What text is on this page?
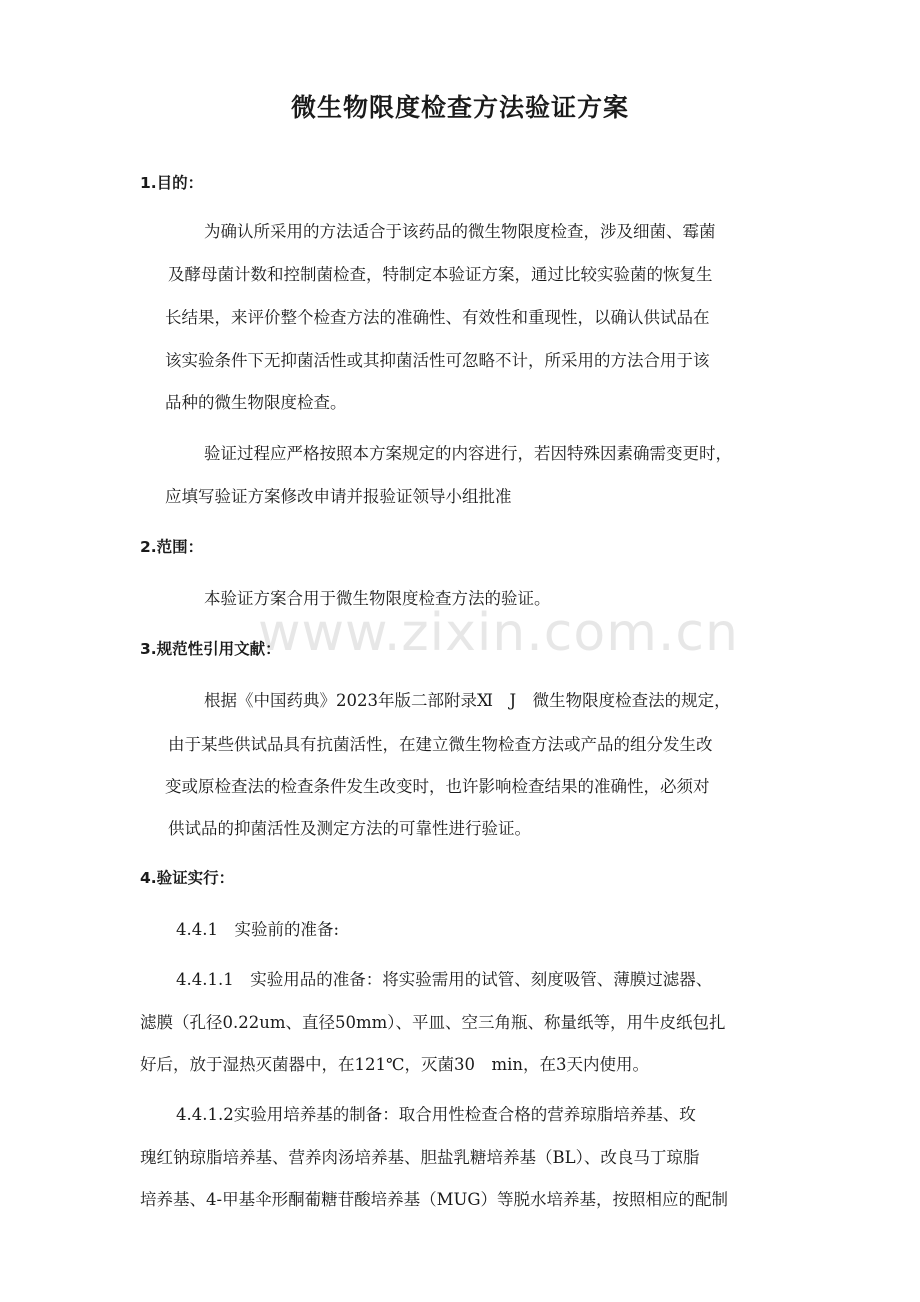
www.zixin.com.cn
微生物限度检查方法验证方案
1.目的：
为确认所采用的方法适合于该药品的微生物限度检查，涉及细菌、霉菌
及酵母菌计数和控制菌检查，特制定本验证方案，通过比较实验菌的恢复生
长结果，来评价整个检查方法的准确性、有效性和重现性，以确认供试品在
该实验条件下无抑菌活性或其抑菌活性可忽略不计，所采用的方法合用于该
品种的微生物限度检查。
验证过程应严格按照本方案规定的内容进行，若因特殊因素确需变更时，
应填写验证方案修改申请并报验证领导小组批准
2.范围：
本验证方案合用于微生物限度检查方法的验证。
3.规范性引用文献：
根据《中国药典》2023年版二部附录Ⅺ　J　微生物限度检查法的规定，
由于某些供试品具有抗菌活性，在建立微生物检查方法或产品的组分发生改
变或原检查法的检查条件发生改变时，也许影响检查结果的准确性，必须对
供试品的抑菌活性及测定方法的可靠性进行验证。
4.验证实行：
4.4.1　实验前的准备:
4.4.1.1　实验用品的准备：将实验需用的试管、刻度吸管、薄膜过滤器、
滤膜（孔径0.22um、直径50mm）、平皿、空三角瓶、称量纸等，用牛皮纸包扎
好后，放于湿热灭菌器中，在121℃，灭菌30　min，在3天内使用。
4.4.1.2实验用培养基的制备：取合用性检查合格的营养琼脂培养基、玫
瑰红钠琼脂培养基、营养肉汤培养基、胆盐乳糖培养基（BL）、改良马丁琼脂
培养基、4-甲基伞形酮葡糖苷酸培养基（MUG）等脱水培养基，按照相应的配制
